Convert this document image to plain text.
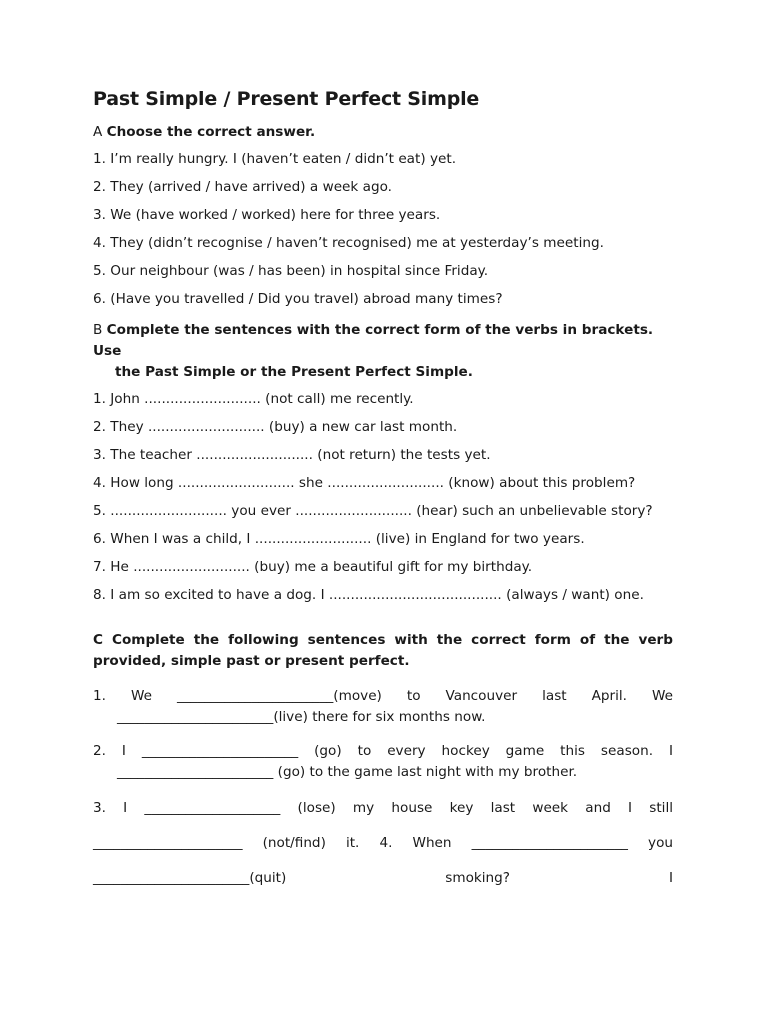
Past Simple / Present Perfect Simple

A Choose the correct answer.

1. I’m really hungry. I (haven’t eaten / didn’t eat) yet.

2. They (arrived / have arrived) a week ago.

3. We (have worked / worked) here for three years.

4. They (didn’t recognise / haven’t recognised) me at yesterday’s meeting.

5. Our neighbour (was / has been) in hospital since Friday.

6. (Have you travelled / Did you travel) abroad many times?

B Complete the sentences with the correct form of the verbs in brackets. Use
the Past Simple or the Present Perfect Simple.

1. John ........................... (not call) me recently.

2. They ........................... (buy) a new car last month.

3. The teacher ........................... (not return) the tests yet.

4. How long ........................... she ........................... (know) about this problem?

5. ........................... you ever ........................... (hear) such an unbelievable story?

6. When I was a child, I ........................... (live) in England for two years.

7. He ........................... (buy) me a beautiful gift for my birthday.

8. I am so excited to have a dog. I ........................................ (always / want) one.

C Complete the following sentences with the correct form of the verb provided, simple past or present perfect.

1. We _______________________(move) to Vancouver last April. We
_______________________(live) there for six months now.
2. I _______________________ (go) to every hockey game this season. I
_______________________ (go) to the game last night with my brother.
3. I ____________________ (lose) my house key last week and I still
______________________ (not/find) it. 4. When _______________________ you
_______________________(quit) smoking? I
